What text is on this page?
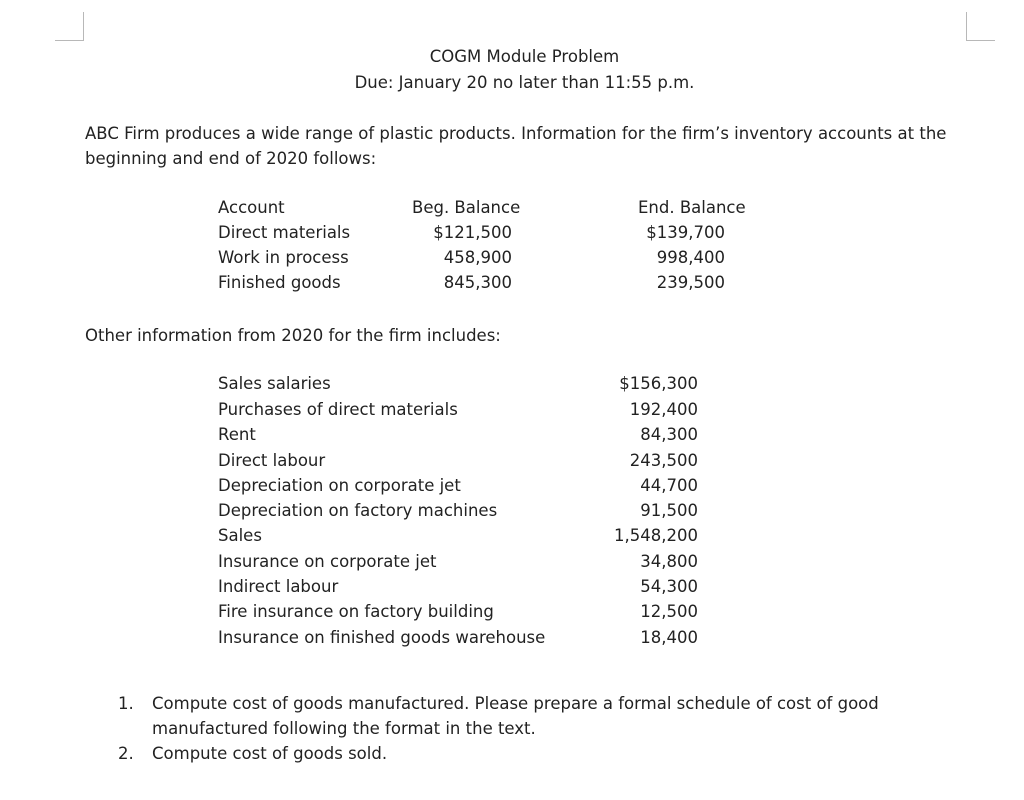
COGM Module Problem
Due: January 20 no later than 11:55 p.m.
ABC Firm produces a wide range of plastic products. Information for the firm’s inventory accounts at the beginning and end of 2020 follows:
Account	Beg. Balance	End. Balance
Direct materials	$121,500	$139,700
Work in process	458,900	998,400
Finished goods	845,300	239,500
Other information from 2020 for the firm includes:
Sales salaries	$156,300
Purchases of direct materials	192,400
Rent	84,300
Direct labour	243,500
Depreciation on corporate jet	44,700
Depreciation on factory machines	91,500
Sales	1,548,200
Insurance on corporate jet	34,800
Indirect labour	54,300
Fire insurance on factory building	12,500
Insurance on finished goods warehouse	18,400
1. Compute cost of goods manufactured. Please prepare a formal schedule of cost of good manufactured following the format in the text.
2. Compute cost of goods sold.
